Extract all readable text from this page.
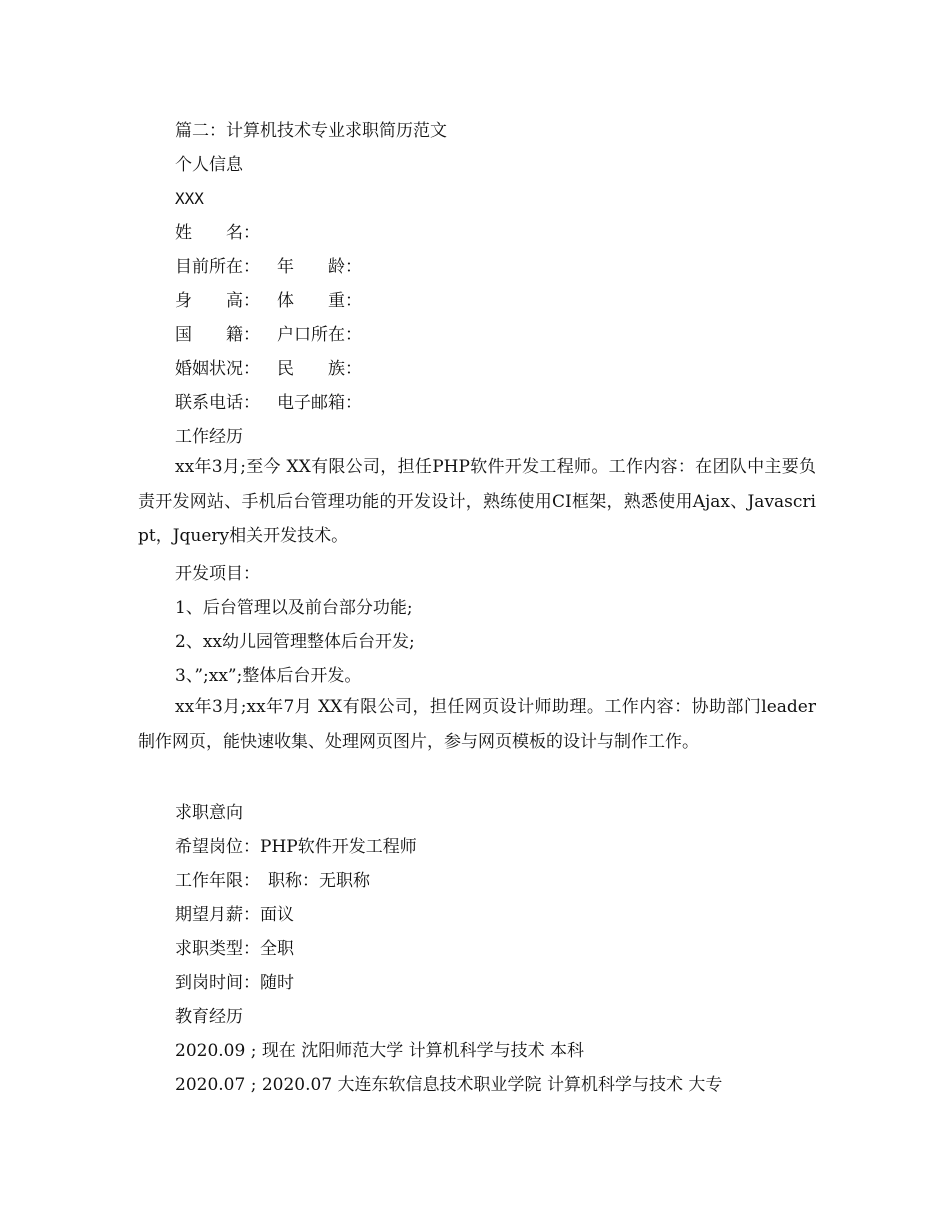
篇二：计算机技术专业求职简历范文
个人信息
XXX
姓　　名：
目前所在： 年　　龄：
身　　高： 体　　重：
国　　籍： 户口所在：
婚姻状况： 民　　族：
联系电话： 电子邮箱：
工作经历
xx年3月;至今 XX有限公司，担任PHP软件开发工程师。工作内容：在团队中主要负责开发网站、手机后台管理功能的开发设计，熟练使用CI框架，熟悉使用Ajax、Javascript，Jquery相关开发技术。
开发项目：
1、后台管理以及前台部分功能;
2、xx幼儿园管理整体后台开发;
3、”;xx”;整体后台开发。
xx年3月;xx年7月 XX有限公司，担任网页设计师助理。工作内容：协助部门leader制作网页，能快速收集、处理网页图片，参与网页模板的设计与制作工作。
求职意向
希望岗位：PHP软件开发工程师
工作年限： 职称：无职称
期望月薪：面议
求职类型：全职
到岗时间：随时
教育经历
2020.09 ; 现在 沈阳师范大学 计算机科学与技术 本科
2020.07 ; 2020.07 大连东软信息技术职业学院 计算机科学与技术 大专
